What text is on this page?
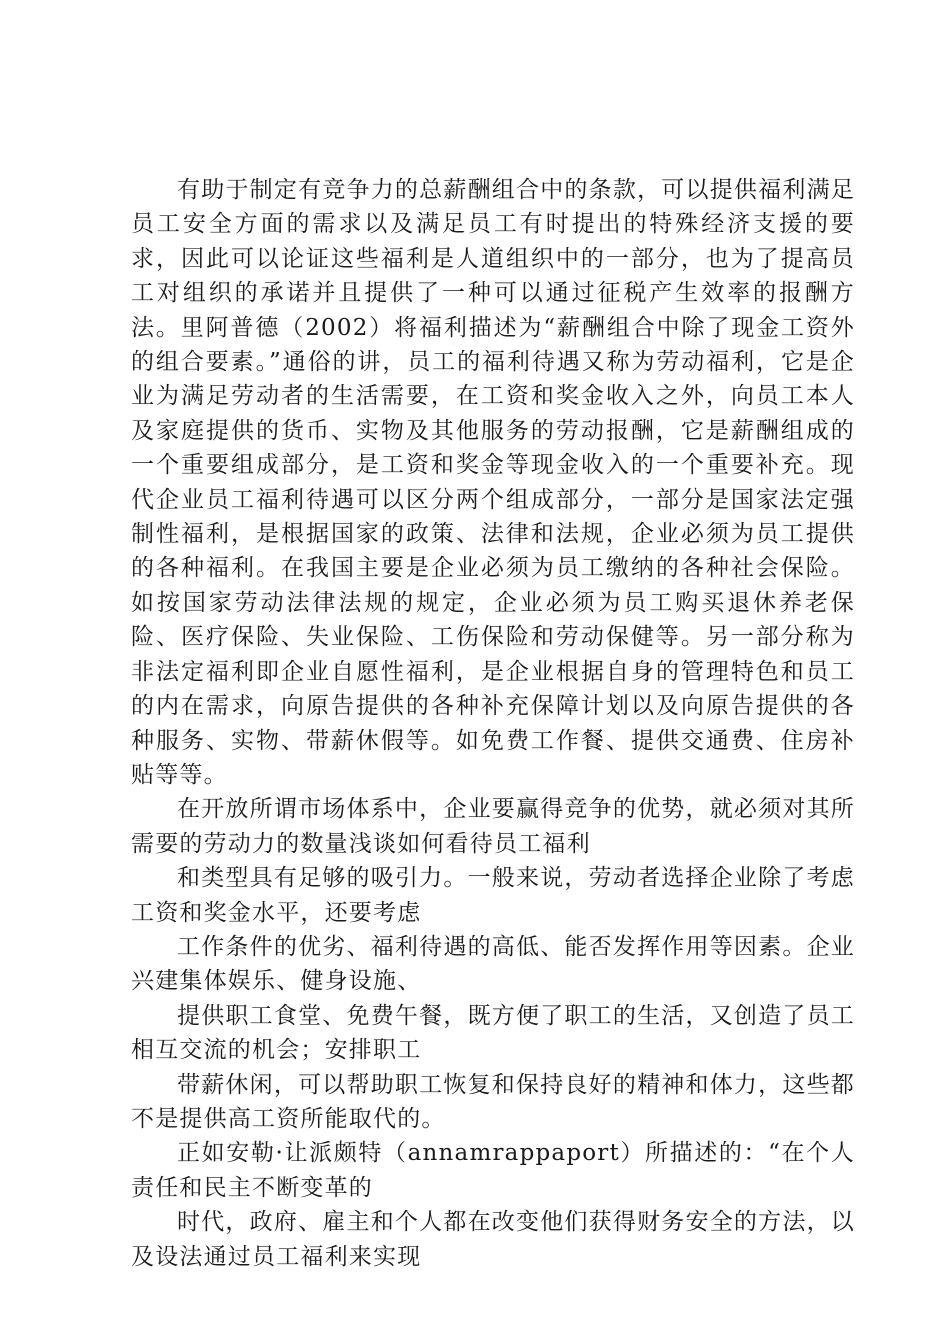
有助于制定有竞争力的总薪酬组合中的条款，可以提供福利满足员工安全方面的需求以及满足员工有时提出的特殊经济支援的要求，因此可以论证这些福利是人道组织中的一部分，也为了提高员工对组织的承诺并且提供了一种可以通过征税产生效率的报酬方法。里阿普德（2002）将福利描述为“薪酬组合中除了现金工资外的组合要素。”通俗的讲，员工的福利待遇又称为劳动福利，它是企业为满足劳动者的生活需要，在工资和奖金收入之外，向员工本人及家庭提供的货币、实物及其他服务的劳动报酬，它是薪酬组成的一个重要组成部分，是工资和奖金等现金收入的一个重要补充。现代企业员工福利待遇可以区分两个组成部分，一部分是国家法定强制性福利，是根据国家的政策、法律和法规，企业必须为员工提供的各种福利。在我国主要是企业必须为员工缴纳的各种社会保险。如按国家劳动法律法规的规定，企业必须为员工购买退休养老保险、医疗保险、失业保险、工伤保险和劳动保健等。另一部分称为非法定福利即企业自愿性福利，是企业根据自身的管理特色和员工的内在需求，向原告提供的各种补充保障计划以及向原告提供的各种服务、实物、带薪休假等。如免费工作餐、提供交通费、住房补贴等等。

在开放所谓市场体系中，企业要赢得竞争的优势，就必须对其所需要的劳动力的数量浅谈如何看待员工福利

和类型具有足够的吸引力。一般来说，劳动者选择企业除了考虑工资和奖金水平，还要考虑

工作条件的优劣、福利待遇的高低、能否发挥作用等因素。企业兴建集体娱乐、健身设施、

提供职工食堂、免费午餐，既方便了职工的生活，又创造了员工相互交流的机会；安排职工

带薪休闲，可以帮助职工恢复和保持良好的精神和体力，这些都不是提供高工资所能取代的。

正如安勒·让派颇特（annamrappaport）所描述的：“在个人责任和民主不断变革的

时代，政府、雇主和个人都在改变他们获得财务安全的方法，以及设法通过员工福利来实现
